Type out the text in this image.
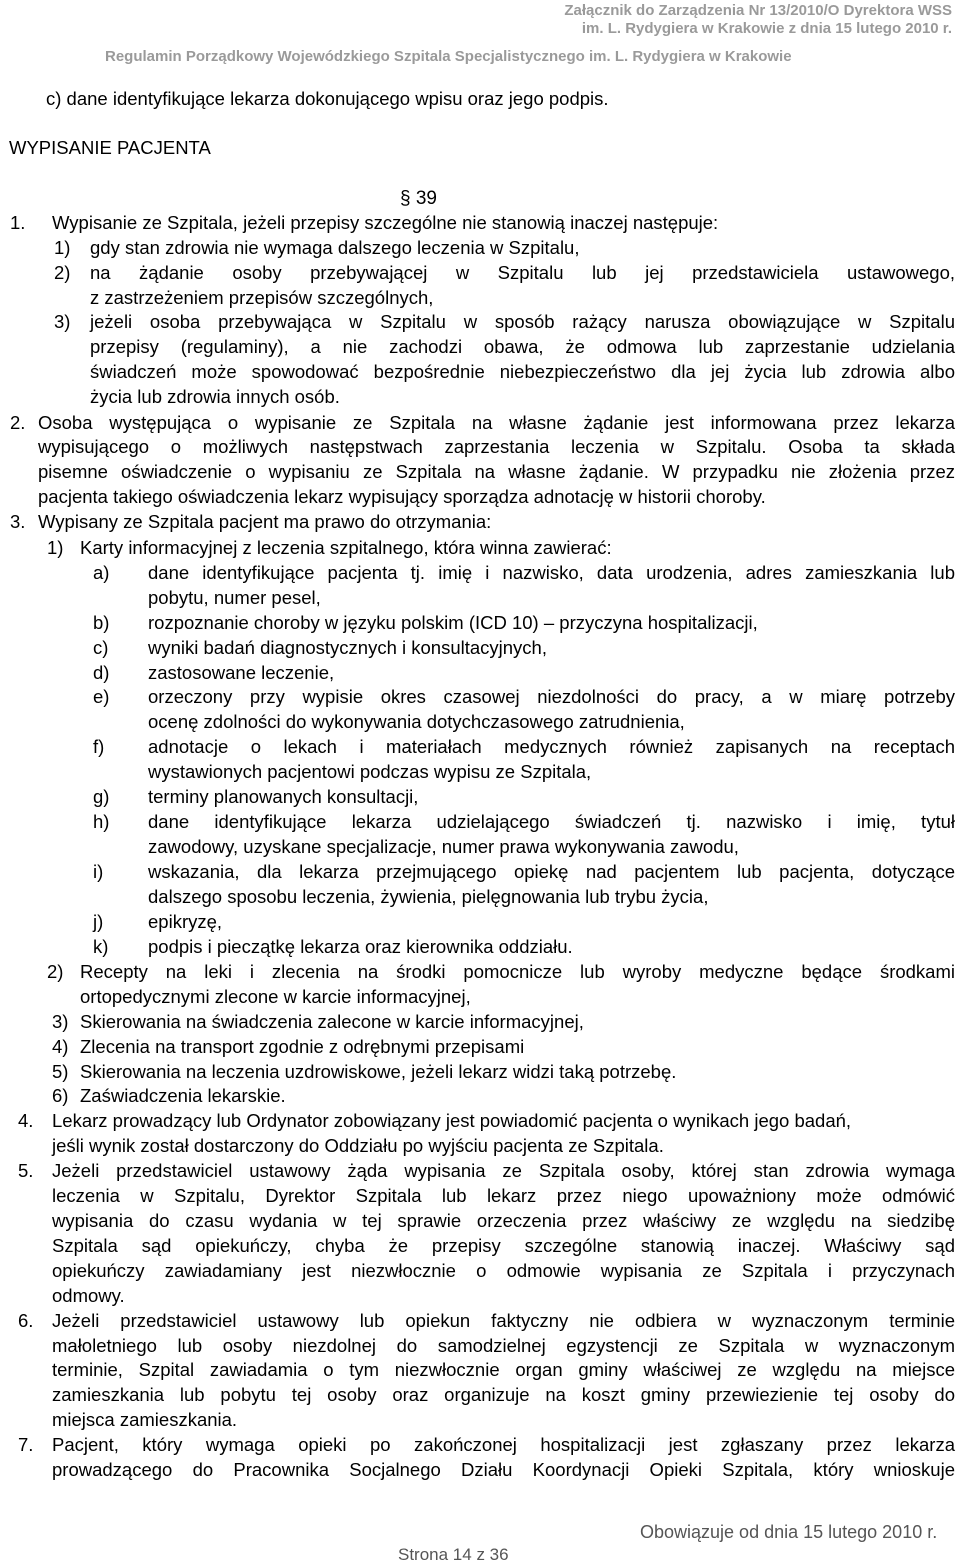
Załącznik do Zarządzenia Nr 13/2010/O Dyrektora WSS
im. L. Rydygiera w Krakowie z dnia 15 lutego 2010 r.
Regulamin Porządkowy Wojewódzkiego Szpitala Specjalistycznego im. L. Rydygiera w Krakowie
c) dane identyfikujące lekarza dokonującego wpisu oraz jego podpis.
WYPISANIE PACJENTA
§ 39
1. Wypisanie ze Szpitala, jeżeli przepisy szczególne nie stanowią inaczej następuje:
1) gdy stan zdrowia nie wymaga dalszego leczenia w Szpitalu,
2) na żądanie osoby przebywającej w Szpitalu lub jej przedstawiciela ustawowego,
z zastrzeżeniem przepisów szczególnych,
3) jeżeli osoba przebywająca w Szpitalu w sposób rażący narusza obowiązujące w Szpitalu
przepisy (regulaminy), a nie zachodzi obawa, że odmowa lub zaprzestanie udzielania
świadczeń może spowodować bezpośrednie niebezpieczeństwo dla jej życia lub zdrowia albo
życia lub zdrowia innych osób.
2. Osoba występująca o wypisanie ze Szpitala na własne żądanie jest informowana przez lekarza
wypisującego o możliwych następstwach zaprzestania leczenia w Szpitalu. Osoba ta składa
pisemne oświadczenie o wypisaniu ze Szpitala na własne żądanie. W przypadku nie złożenia przez
pacjenta takiego oświadczenia lekarz wypisujący sporządza adnotację w historii choroby.
3. Wypisany ze Szpitala pacjent ma prawo do otrzymania:
1) Karty informacyjnej z leczenia szpitalnego, która winna zawierać:
a) dane identyfikujące pacjenta tj. imię i nazwisko, data urodzenia, adres zamieszkania lub
pobytu, numer pesel,
b) rozpoznanie choroby w języku polskim (ICD 10) – przyczyna hospitalizacji,
c) wyniki badań diagnostycznych i konsultacyjnych,
d) zastosowane leczenie,
e) orzeczony przy wypisie okres czasowej niezdolności do pracy, a w miarę potrzeby
ocenę zdolności do wykonywania dotychczasowego zatrudnienia,
f) adnotacje o lekach i materiałach medycznych również zapisanych na receptach
wystawionych pacjentowi podczas wypisu ze Szpitala,
g) terminy planowanych konsultacji,
h) dane identyfikujące lekarza udzielającego świadczeń tj. nazwisko i imię, tytuł
zawodowy, uzyskane specjalizacje, numer prawa wykonywania zawodu,
i) wskazania, dla lekarza przejmującego opiekę nad pacjentem lub pacjenta, dotyczące
dalszego sposobu leczenia, żywienia, pielęgnowania lub trybu życia,
j) epikryzę,
k) podpis i pieczątkę lekarza oraz kierownika oddziału.
2) Recepty na leki i zlecenia na środki pomocnicze lub wyroby medyczne będące środkami
ortopedycznymi zlecone w karcie informacyjnej,
3) Skierowania na świadczenia zalecone w karcie informacyjnej,
4) Zlecenia na transport zgodnie z odrębnymi przepisami
5) Skierowania na leczenia uzdrowiskowe, jeżeli lekarz widzi taką potrzebę.
6) Zaświadczenia lekarskie.
4. Lekarz prowadzący lub Ordynator zobowiązany jest powiadomić pacjenta o wynikach jego badań,
jeśli wynik został dostarczony do Oddziału po wyjściu pacjenta ze Szpitala.
5. Jeżeli przedstawiciel ustawowy żąda wypisania ze Szpitala osoby, której stan zdrowia wymaga
leczenia w Szpitalu, Dyrektor Szpitala lub lekarz przez niego upoważniony może odmówić
wypisania do czasu wydania w tej sprawie orzeczenia przez właściwy ze względu na siedzibę
Szpitala sąd opiekuńczy, chyba że przepisy szczególne stanowią inaczej. Właściwy sąd
opiekuńczy zawiadamiany jest niezwłocznie o odmowie wypisania ze Szpitala i przyczynach
odmowy.
6. Jeżeli przedstawiciel ustawowy lub opiekun faktyczny nie odbiera w wyznaczonym terminie
małoletniego lub osoby niezdolnej do samodzielnej egzystencji ze Szpitala w wyznaczonym
terminie, Szpital zawiadamia o tym niezwłocznie organ gminy właściwej ze względu na miejsce
zamieszkania lub pobytu tej osoby oraz organizuje na koszt gminy przewiezienie tej osoby do
miejsca zamieszkania.
7. Pacjent, który wymaga opieki po zakończonej hospitalizacji jest zgłaszany przez lekarza
prowadzącego do Pracownika Socjalnego Działu Koordynacji Opieki Szpitala, który wnioskuje
Strona 14 z 36
Obowiązuje od dnia 15 lutego 2010 r.
